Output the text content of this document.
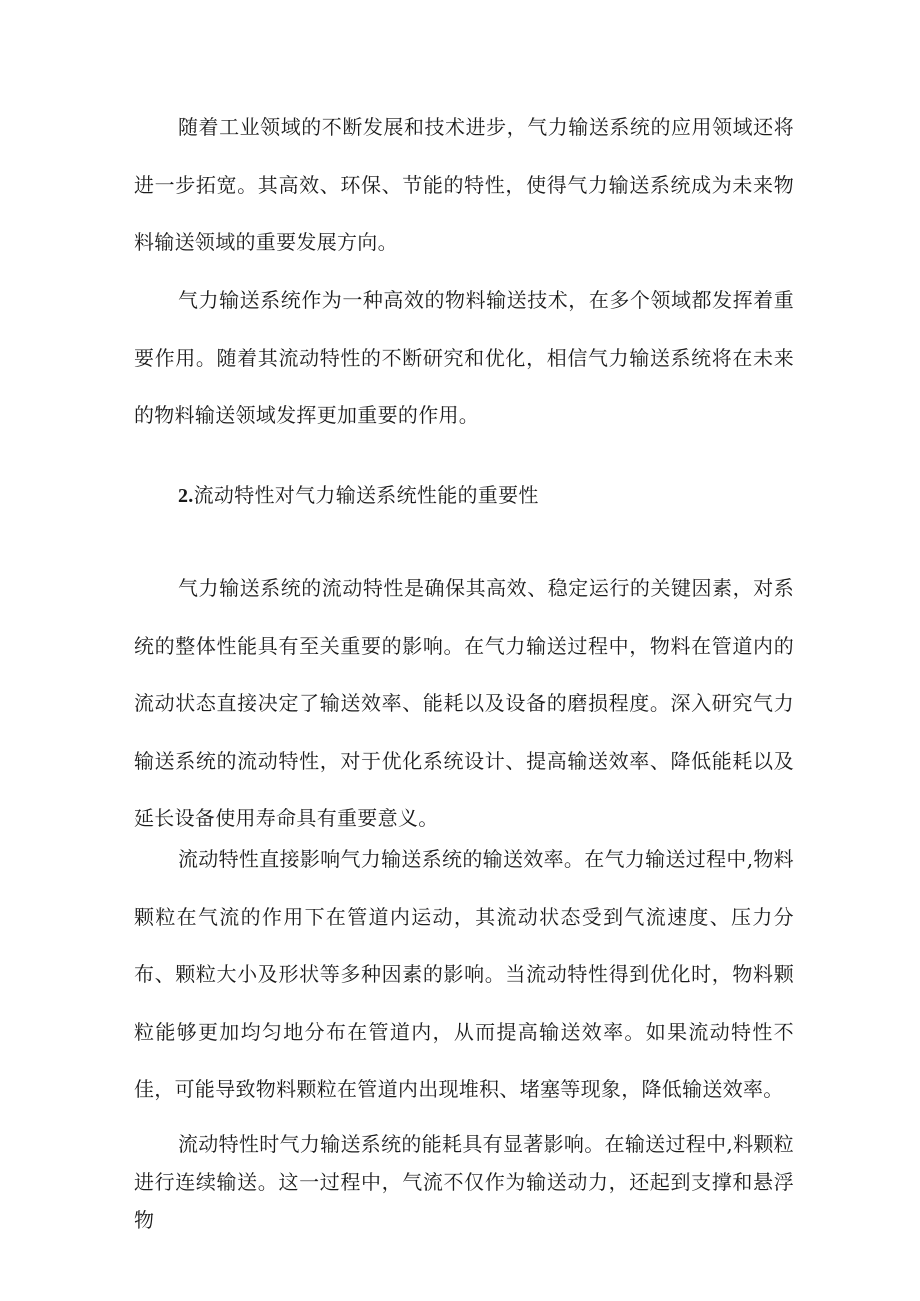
随着工业领域的不断发展和技术进步，气力输送系统的应用领域还将进一步拓宽。其高效、环保、节能的特性，使得气力输送系统成为未来物料输送领域的重要发展方向。

气力输送系统作为一种高效的物料输送技术，在多个领域都发挥着重要作用。随着其流动特性的不断研究和优化，相信气力输送系统将在未来的物料输送领域发挥更加重要的作用。

2.流动特性对气力输送系统性能的重要性

气力输送系统的流动特性是确保其高效、稳定运行的关键因素，对系统的整体性能具有至关重要的影响。在气力输送过程中，物料在管道内的流动状态直接决定了输送效率、能耗以及设备的磨损程度。深入研究气力输送系统的流动特性，对于优化系统设计、提高输送效率、降低能耗以及延长设备使用寿命具有重要意义。

流动特性直接影响气力输送系统的输送效率。在气力输送过程中,物料颗粒在气流的作用下在管道内运动，其流动状态受到气流速度、压力分布、颗粒大小及形状等多种因素的影响。当流动特性得到优化时，物料颗粒能够更加均匀地分布在管道内，从而提高输送效率。如果流动特性不佳，可能导致物料颗粒在管道内出现堆积、堵塞等现象，降低输送效率。

流动特性时气力输送系统的能耗具有显著影响。在输送过程中,料颗粒进行连续输送。这一过程中，气流不仅作为输送动力，还起到支撑和悬浮物
